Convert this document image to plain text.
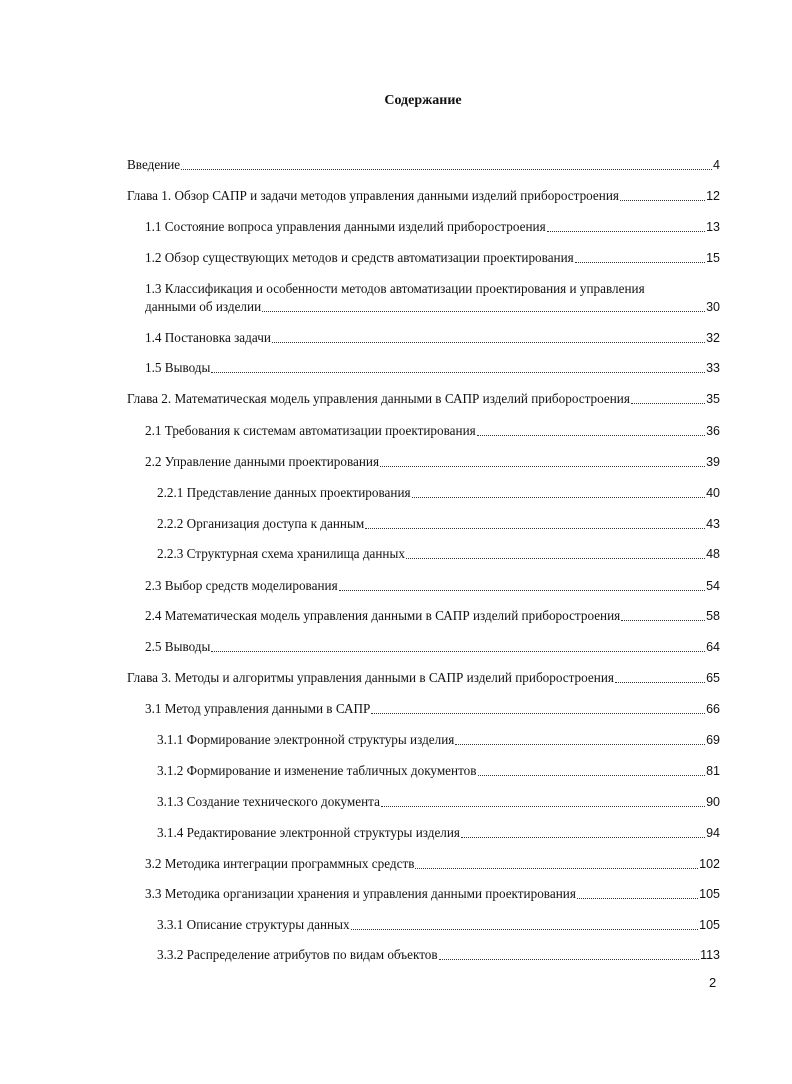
Содержание
Введение	4
Глава 1. Обзор САПР и задачи методов управления данными изделий приборостроения	12
1.1 Состояние вопроса управления данными изделий приборостроения	13
1.2 Обзор существующих методов и средств автоматизации проектирования	15
1.3 Классификация и особенности методов автоматизации проектирования и управления
данными об изделии	30
1.4 Постановка задачи	32
1.5 Выводы	33
Глава 2. Математическая модель управления данными в САПР изделий приборостроения	35
2.1 Требования к системам автоматизации проектирования	36
2.2 Управление данными проектирования	39
2.2.1 Представление данных проектирования	40
2.2.2 Организация доступа к данным	43
2.2.3 Структурная схема хранилища данных	48
2.3 Выбор средств моделирования	54
2.4 Математическая модель управления данными в САПР изделий приборостроения	58
2.5 Выводы	64
Глава 3. Методы и алгоритмы управления данными в САПР изделий приборостроения	65
3.1 Метод управления данными в САПР	66
3.1.1 Формирование электронной структуры изделия	69
3.1.2 Формирование и изменение табличных документов	81
3.1.3 Создание технического документа	90
3.1.4 Редактирование электронной структуры изделия	94
3.2 Методика интеграции программных средств	102
3.3 Методика организации хранения и управления данными проектирования	105
3.3.1 Описание структуры данных	105
3.3.2 Распределение атрибутов по видам объектов	113
2
